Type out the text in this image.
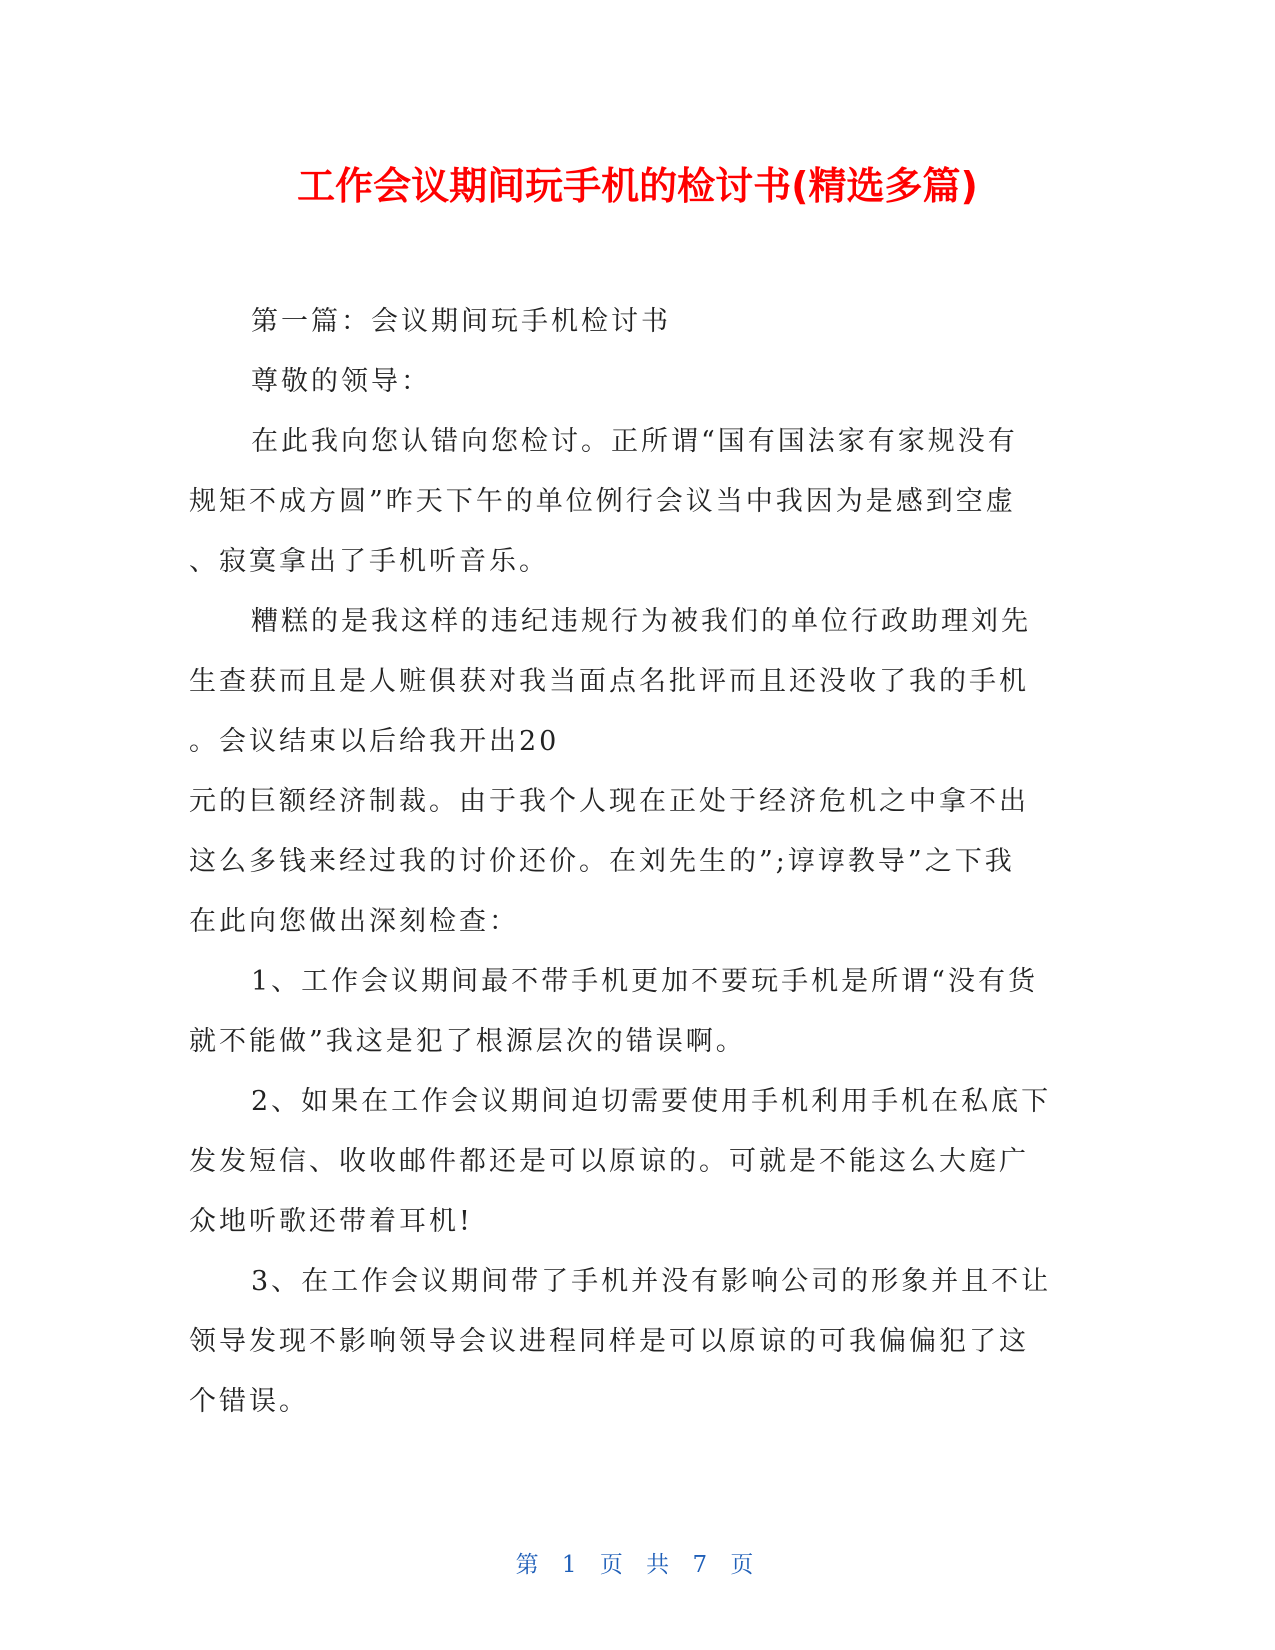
工作会议期间玩手机的检讨书(精选多篇)

第一篇：会议期间玩手机检讨书

尊敬的领导：

在此我向您认错向您检讨。正所谓“国有国法家有家规没有

规矩不成方圆”昨天下午的单位例行会议当中我因为是感到空虚

、寂寞拿出了手机听音乐。

糟糕的是我这样的违纪违规行为被我们的单位行政助理刘先

生查获而且是人赃俱获对我当面点名批评而且还没收了我的手机

。会议结束以后给我开出20

元的巨额经济制裁。由于我个人现在正处于经济危机之中拿不出

这么多钱来经过我的讨价还价。在刘先生的”;谆谆教导”之下我

在此向您做出深刻检查：

1、工作会议期间最不带手机更加不要玩手机是所谓“没有货

就不能做”我这是犯了根源层次的错误啊。

2、如果在工作会议期间迫切需要使用手机利用手机在私底下

发发短信、收收邮件都还是可以原谅的。可就是不能这么大庭广

众地听歌还带着耳机!

3、在工作会议期间带了手机并没有影响公司的形象并且不让

领导发现不影响领导会议进程同样是可以原谅的可我偏偏犯了这

个错误。

第 1 页 共 7 页
